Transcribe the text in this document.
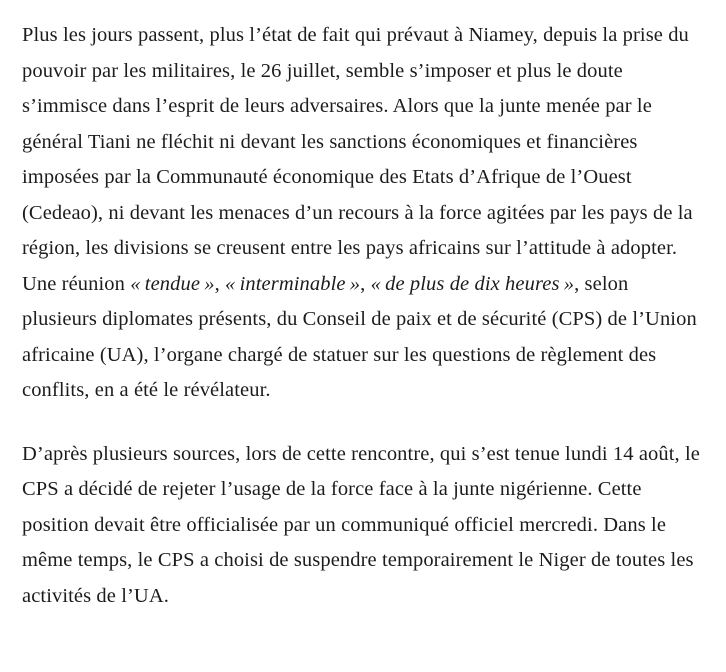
Plus les jours passent, plus l’état de fait qui prévaut à Niamey, depuis la prise du pouvoir par les militaires, le 26 juillet, semble s’imposer et plus le doute s’immisce dans l’esprit de leurs adversaires. Alors que la junte menée par le général Tiani ne fléchit ni devant les sanctions économiques et financières imposées par la Communauté économique des Etats d’Afrique de l’Ouest (Cedeao), ni devant les menaces d’un recours à la force agitées par les pays de la région, les divisions se creusent entre les pays africains sur l’attitude à adopter. Une réunion « tendue », « interminable », « de plus de dix heures », selon plusieurs diplomates présents, du Conseil de paix et de sécurité (CPS) de l’Union africaine (UA), l’organe chargé de statuer sur les questions de règlement des conflits, en a été le révélateur.

D’après plusieurs sources, lors de cette rencontre, qui s’est tenue lundi 14 août, le CPS a décidé de rejeter l’usage de la force face à la junte nigérienne. Cette position devait être officialisée par un communiqué officiel mercredi. Dans le même temps, le CPS a choisi de suspendre temporairement le Niger de toutes les activités de l’UA.
